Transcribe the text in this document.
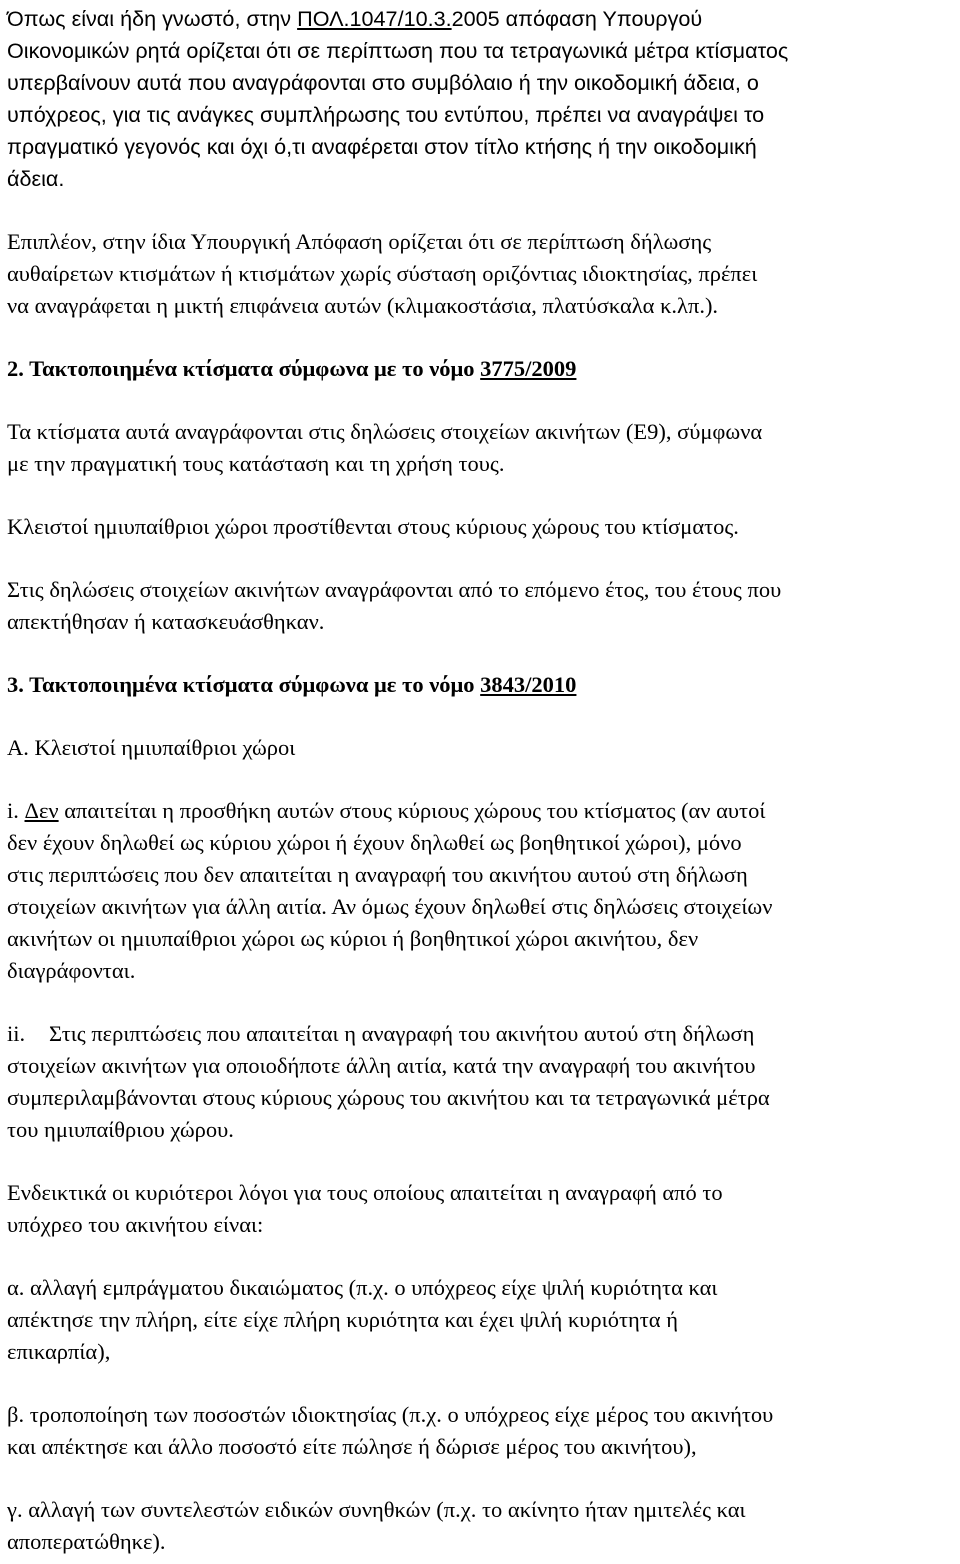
Όπως είναι ήδη γνωστό, στην ΠΟΛ.1047/10.3.2005 απόφαση Υπουργού
Οικονομικών ρητά ορίζεται ότι σε περίπτωση που τα τετραγωνικά μέτρα κτίσματος
υπερβαίνουν αυτά που αναγράφονται στο συμβόλαιο ή την οικοδομική άδεια, ο
υπόχρεος, για τις ανάγκες συμπλήρωσης του εντύπου, πρέπει να αναγράψει το
πραγματικό γεγονός και όχι ό,τι αναφέρεται στον τίτλο κτήσης ή την οικοδομική
άδεια.
Επιπλέον, στην ίδια Υπουργική Απόφαση ορίζεται ότι σε περίπτωση δήλωσης
αυθαίρετων κτισμάτων ή κτισμάτων χωρίς σύσταση οριζόντιας ιδιοκτησίας, πρέπει
να αναγράφεται η μικτή επιφάνεια αυτών (κλιμακοστάσια, πλατύσκαλα κ.λπ.).
2. Τακτοποιημένα κτίσματα σύμφωνα με το νόμο 3775/2009
Τα κτίσματα αυτά αναγράφονται στις δηλώσεις στοιχείων ακινήτων (Ε9), σύμφωνα
με την πραγματική τους κατάσταση και τη χρήση τους.
Κλειστοί ημιυπαίθριοι χώροι προστίθενται στους κύριους χώρους του κτίσματος.
Στις δηλώσεις στοιχείων ακινήτων αναγράφονται από το επόμενο έτος, του έτους που
απεκτήθησαν ή κατασκευάσθηκαν.
3. Τακτοποιημένα κτίσματα σύμφωνα με το νόμο 3843/2010
Α. Κλειστοί ημιυπαίθριοι χώροι
i. Δεν απαιτείται η προσθήκη αυτών στους κύριους χώρους του κτίσματος (αν αυτοί
δεν έχουν δηλωθεί ως κύριου χώροι ή έχουν δηλωθεί ως βοηθητικοί χώροι), μόνο
στις περιπτώσεις που δεν απαιτείται η αναγραφή του ακινήτου αυτού στη δήλωση
στοιχείων ακινήτων για άλλη αιτία. Αν όμως έχουν δηλωθεί στις δηλώσεις στοιχείων
ακινήτων οι ημιυπαίθριοι χώροι ως κύριοι ή βοηθητικοί χώροι ακινήτου, δεν
διαγράφονται.
ii. Στις περιπτώσεις που απαιτείται η αναγραφή του ακινήτου αυτού στη δήλωση
στοιχείων ακινήτων για οποιοδήποτε άλλη αιτία, κατά την αναγραφή του ακινήτου
συμπεριλαμβάνονται στους κύριους χώρους του ακινήτου και τα τετραγωνικά μέτρα
του ημιυπαίθριου χώρου.
Ενδεικτικά οι κυριότεροι λόγοι για τους οποίους απαιτείται η αναγραφή από το
υπόχρεο του ακινήτου είναι:
α. αλλαγή εμπράγματου δικαιώματος (π.χ. ο υπόχρεος είχε ψιλή κυριότητα και
απέκτησε την πλήρη, είτε είχε πλήρη κυριότητα και έχει ψιλή κυριότητα ή
επικαρπία),
β. τροποποίηση των ποσοστών ιδιοκτησίας (π.χ. ο υπόχρεος είχε μέρος του ακινήτου
και απέκτησε και άλλο ποσοστό είτε πώλησε ή δώρισε μέρος του ακινήτου),
γ. αλλαγή των συντελεστών ειδικών συνηθκών (π.χ. το ακίνητο ήταν ημιτελές και
αποπερατώθηκε).
